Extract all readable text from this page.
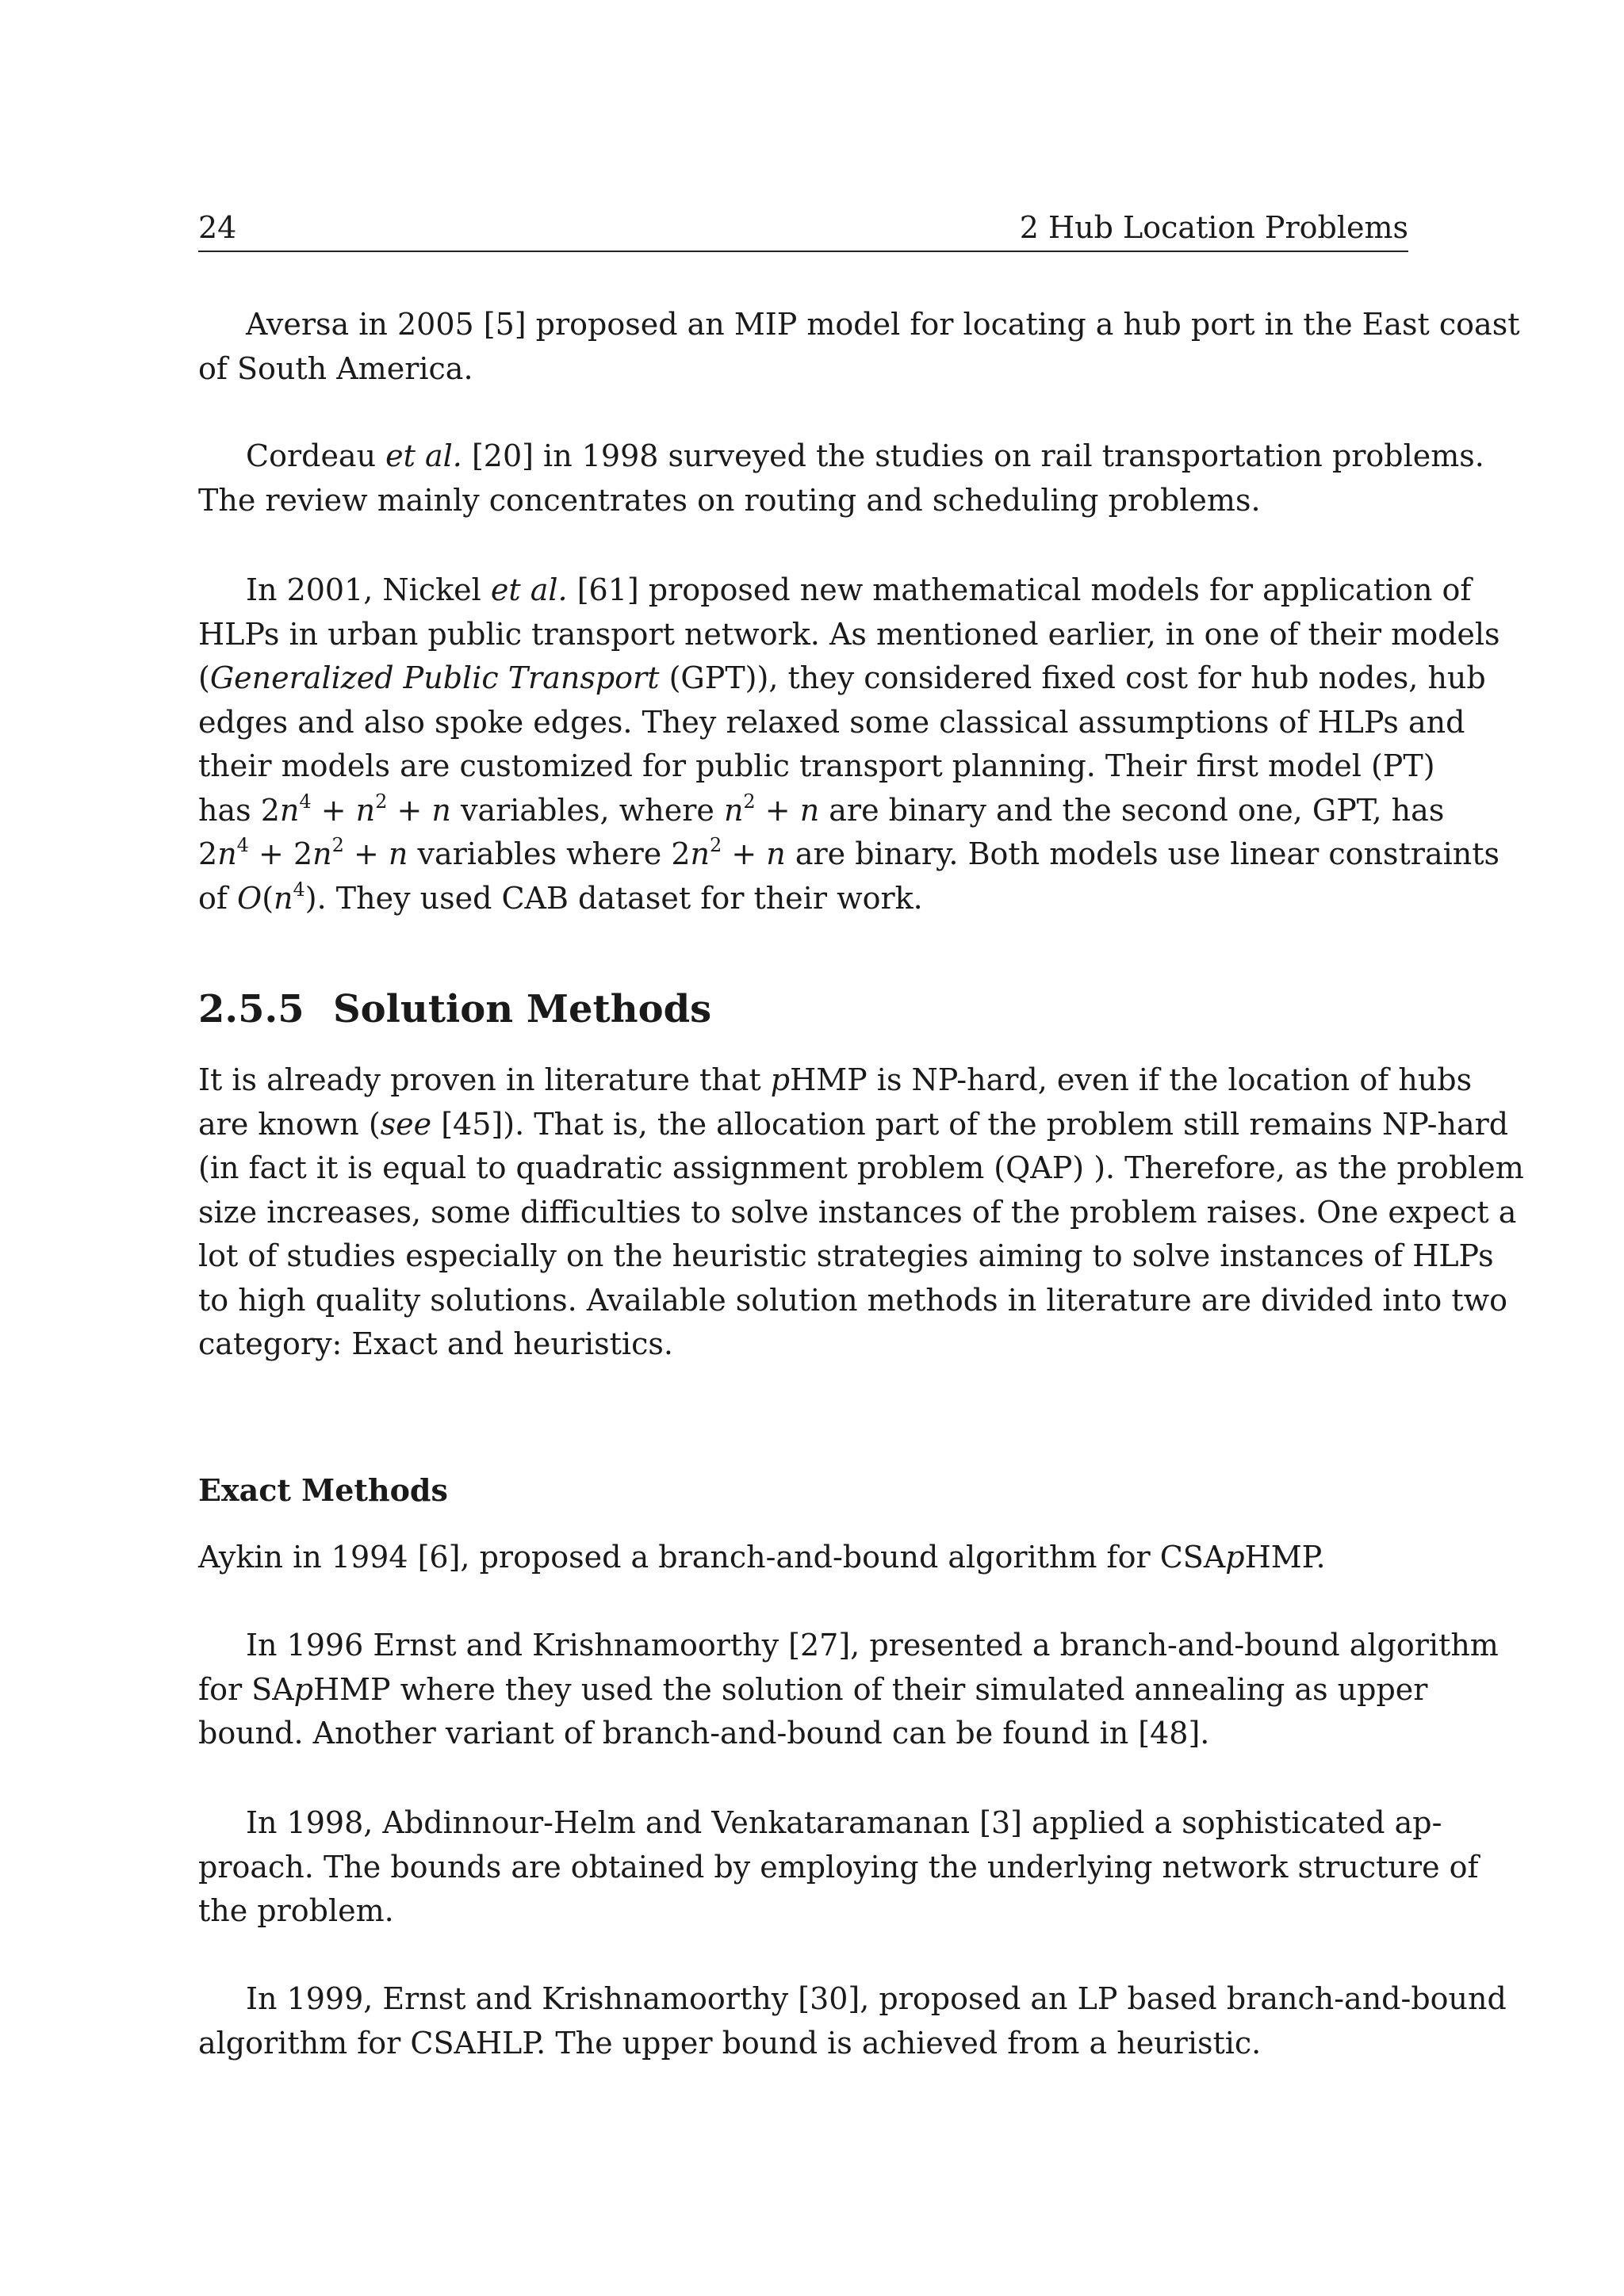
24	2 Hub Location Problems
Aversa in 2005 [5] proposed an MIP model for locating a hub port in the East coast
of South America.
Cordeau et al. [20] in 1998 surveyed the studies on rail transportation problems.
The review mainly concentrates on routing and scheduling problems.
In 2001, Nickel et al. [61] proposed new mathematical models for application of
HLPs in urban public transport network. As mentioned earlier, in one of their models
(Generalized Public Transport (GPT)), they considered fixed cost for hub nodes, hub
edges and also spoke edges. They relaxed some classical assumptions of HLPs and
their models are customized for public transport planning. Their first model (PT)
has $2n^4 + n^2 + n$ variables, where $n^2 + n$ are binary and the second one, GPT, has
$2n^4 + 2n^2 + n$ variables where $2n^2 + n$ are binary. Both models use linear constraints
of $O(n^4)$. They used CAB dataset for their work.
2.5.5 Solution Methods
It is already proven in literature that pHMP is NP-hard, even if the location of hubs
are known (see [45]). That is, the allocation part of the problem still remains NP-hard
(in fact it is equal to quadratic assignment problem (QAP) ). Therefore, as the problem
size increases, some difficulties to solve instances of the problem raises. One expect a
lot of studies especially on the heuristic strategies aiming to solve instances of HLPs
to high quality solutions. Available solution methods in literature are divided into two
category: Exact and heuristics.
Exact Methods
Aykin in 1994 [6], proposed a branch-and-bound algorithm for CSApHMP.
In 1996 Ernst and Krishnamoorthy [27], presented a branch-and-bound algorithm
for SApHMP where they used the solution of their simulated annealing as upper
bound. Another variant of branch-and-bound can be found in [48].
In 1998, Abdinnour-Helm and Venkataramanan [3] applied a sophisticated ap-
proach. The bounds are obtained by employing the underlying network structure of
the problem.
In 1999, Ernst and Krishnamoorthy [30], proposed an LP based branch-and-bound
algorithm for CSAHLP. The upper bound is achieved from a heuristic.
